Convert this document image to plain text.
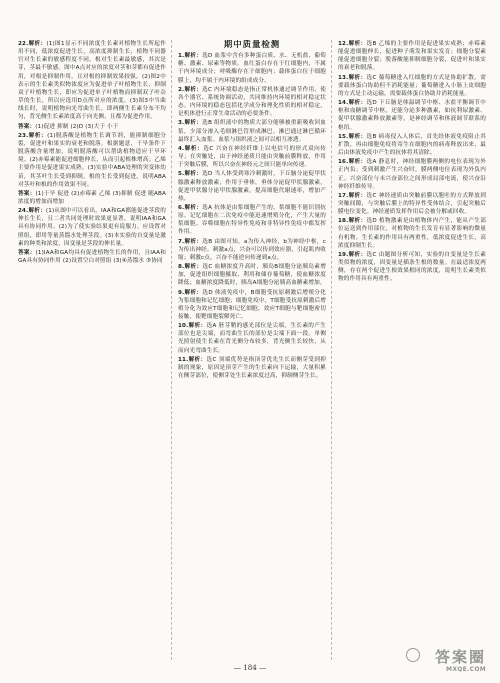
22.解析：(1)图1显示不同浓度生长素对植物生长所起作用不同，低浓度促进生长，高浓度抑制生长，植物不同器官对生长素的敏感程度不同，根对生长素最敏感，其次是芽，茎最不敏感。图中A点对应的浓度对茎和芽都有促进作用，对根是抑制作用，且对根的抑制效果较强。(2)图2中表示的生长素类似物浓度应为促进单子叶植物生长，抑制双子叶植物生长，即应为促进单子叶植物而抑制双子叶杂草的生长，所以应选用D点所对应的浓度。(3)图3中当曲线长时，说明植物向光弯曲生长，即两侧生长素分布不均匀，背光侧生长素浓度高于向光侧，且都为促进作用。

答案：(1)促进 抑制 (2)D (3)大于 小于

23.解析：(1)脱落酸是植物生长调节剂，能抑制细胞分裂，促进叶和果实的衰老和脱落。根据题意，干旱条件下脱落酸含量增加，说明脱落酸可以帮助植物适应干旱环境。(2)赤霉素能促进细胞伸长，从而引起植株增高；乙烯主要作用是促进果实成熟。(3)实验中ABA处理的突变体幼苗，其茎叶生长受到抑制，根的生长受到促进，说明ABA对茎叶和根的作用效果不同。

答案：(1)干旱 促进 (2)赤霉素 乙烯 (3)抑制 促进 随ABA浓度的增加而增加

24.解析：(1)从图中可以看出，IAA和GA都能促进茎段的伸长生长，且二者共同处理时效果更显著，说明IAA和GA具有协同作用。(2)为了使实验结果更有说服力，应设置对照组，即用等量蒸馏水处理茎段。(3)本实验的自变量是激素的种类和浓度，因变量是茎段的伸长量。

答案：(1)IAA和GA均具有促进植物生长的作用，且IAA和GA具有协同作用 (2)设置空白对照组 (3)④蒸馏水 ⑤协同

期中质量检测

1.解析：选D 血浆中含有多种蛋白质、水、无机盐、葡萄糖、激素、尿素等物质。血红蛋白存在于红细胞内，不属于内环境成分；呼吸酶存在于细胞内；载体蛋白位于细胞膜上，均不属于内环境的组成成分。

2.解析：选C 内环境稳态是指正常机体通过调节作用，使各个器官、系统协调活动，共同维持内环境的相对稳定状态。内环境的稳态包括化学成分和理化性质的相对稳定，是机体进行正常生命活动的必要条件。

3.解析：选B 组织液中的物质大部分能够被重新吸收回血浆，少部分渗入毛细淋巴管形成淋巴。淋巴通过淋巴循环最终汇入血浆。血浆与组织液之间可以相互渗透。

4.解析：选C 兴奋在神经纤维上以电信号的形式双向传导；在突触处，由于神经递质只能由突触前膜释放，作用于突触后膜，所以兴奋在神经元之间只能单向传递。

5.解析：选D 当人体受到寒冷刺激时，下丘脑分泌促甲状腺激素释放激素，作用于垂体，垂体分泌促甲状腺激素，促进甲状腺分泌甲状腺激素，提高细胞代谢速率，增加产热。

6.解析：选A 抗体是由浆细胞产生的，浆细胞不能识别抗原。记忆细胞在二次免疫中能迅速增殖分化，产生大量的浆细胞。吞噬细胞在特异性免疫和非特异性免疫中都发挥作用。

7.解析：选B 由图可知，a为传入神经，b为神经中枢，c为传出神经。刺激a点，兴奋可以传到效应器，引起肌肉收缩；刺激c点，兴奋不能逆向传递到a点。

8.解析：选C 血糖浓度升高时，胰岛B细胞分泌胰岛素增加，促进组织细胞摄取、利用和储存葡萄糖，使血糖浓度降低；血糖浓度降低时，胰岛A细胞分泌胰高血糖素增加。

9.解析：选D 体液免疫中，B细胞受抗原刺激后增殖分化为浆细胞和记忆细胞；细胞免疫中，T细胞受抗原刺激后增殖分化为效应T细胞和记忆细胞，效应T细胞与靶细胞密切接触，使靶细胞裂解死亡。

10.解析：选A 胚芽鞘的感光部位是尖端，生长素的产生部位也是尖端，而弯曲生长的部位是尖端下面一段。单侧光照射使生长素在背光侧分布较多，背光侧生长较快，从而向光弯曲生长。

11.解析：选C 顶端优势是指顶芽优先生长而侧芽受到抑制的现象，原因是顶芽产生的生长素向下运输，大量积累在侧芽部位，使侧芽处生长素浓度过高，抑制侧芽生长。

12.解析：选B 乙烯的主要作用是促进果实成熟；赤霉素能促进细胞伸长，促进种子萌发和果实发育；细胞分裂素能促进细胞分裂；脱落酸能抑制细胞分裂，促进叶和果实的衰老和脱落。

13.解析：选C 葡萄糖进入红细胞的方式是协助扩散，需要载体蛋白协助但不消耗能量；葡萄糖进入小肠上皮细胞的方式是主动运输，需要载体蛋白协助并消耗能量。

14.解析：选D 下丘脑是体温调节中枢、水盐平衡调节中枢和血糖调节中枢，还能分泌多种激素，如抗利尿激素、促甲状腺激素释放激素等，是神经调节和体液调节联系的枢纽。

15.解析：选B 病毒侵入人体后，首先经体液免疫阻止其扩散，再由细胞免疫将寄生在细胞内的病毒释放出来，最后由体液免疫中产生的抗体将其清除。

16.解析：选A 静息时，神经细胞膜两侧的电位表现为外正内负；受到刺激产生兴奋时，膜两侧电位表现为外负内正。兴奋部位与未兴奋部位之间形成局部电流，使兴奋沿神经纤维传导。

17.解析：选C 神经递质由突触前膜以胞吐的方式释放到突触间隙，与突触后膜上的特异性受体结合，引起突触后膜电位变化。神经递质发挥作用后会被分解或回收。

18.解析：选D 植物激素是由植物体内产生，能从产生部位运送到作用部位，对植物的生长发育有显著影响的微量有机物。生长素的作用具有两重性，低浓度促进生长，高浓度抑制生长。

19.解析：选C 由题图分析可知，实验的自变量是生长素类似物的浓度，因变量是插条生根的数量。在最适浓度两侧，存在两个促进生根效果相同的浓度，说明生长素类似物的作用具有两重性。

— 184 —
答案圈
MXQE.COM
